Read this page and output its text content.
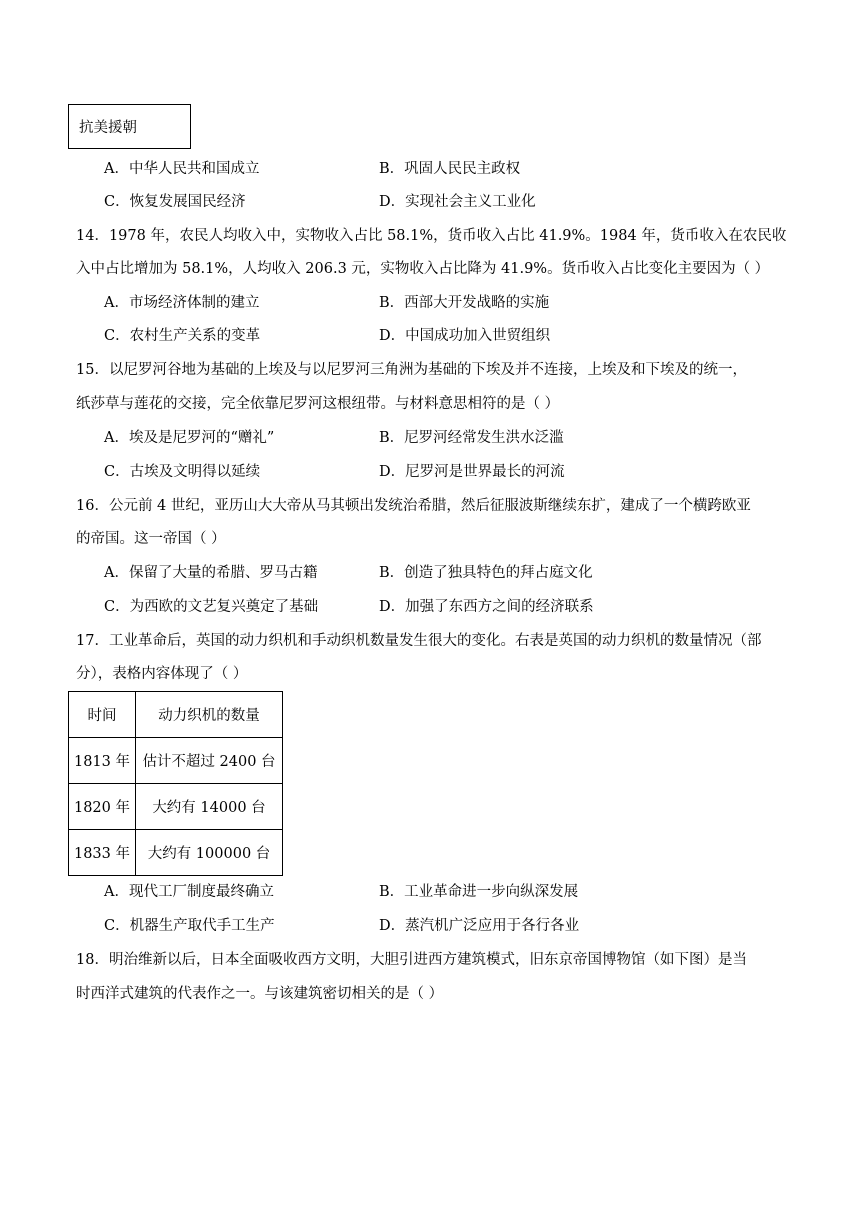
抗美援朝
A．中华人民共和国成立	B．巩固人民民主政权
C．恢复发展国民经济	D．实现社会主义工业化
14．1978 年，农民人均收入中，实物收入占比 58.1%，货币收入占比 41.9%。1984 年，货币收入在农民收
入中占比增加为 58.1%，人均收入 206.3 元，实物收入占比降为 41.9%。货币收入占比变化主要因为（ ）
A．市场经济体制的建立	B．西部大开发战略的实施
C．农村生产关系的变革	D．中国成功加入世贸组织
15．以尼罗河谷地为基础的上埃及与以尼罗河三角洲为基础的下埃及并不连接，上埃及和下埃及的统一，
纸莎草与莲花的交接，完全依靠尼罗河这根纽带。与材料意思相符的是（ ）
A．埃及是尼罗河的“赠礼”	B．尼罗河经常发生洪水泛滥
C．古埃及文明得以延续	D．尼罗河是世界最长的河流
16．公元前 4 世纪，亚历山大大帝从马其顿出发统治希腊，然后征服波斯继续东扩，建成了一个横跨欧亚
的帝国。这一帝国（ ）
A．保留了大量的希腊、罗马古籍	B．创造了独具特色的拜占庭文化
C．为西欧的文艺复兴奠定了基础	D．加强了东西方之间的经济联系
17．工业革命后，英国的动力织机和手动织机数量发生很大的变化。右表是英国的动力织机的数量情况（部
分），表格内容体现了（ ）
时间	动力织机的数量
1813 年	估计不超过 2400 台
1820 年	大约有 14000 台
1833 年	大约有 100000 台
A．现代工厂制度最终确立	B．工业革命进一步向纵深发展
C．机器生产取代手工生产	D．蒸汽机广泛应用于各行各业
18．明治维新以后，日本全面吸收西方文明，大胆引进西方建筑模式，旧东京帝国博物馆（如下图）是当
时西洋式建筑的代表作之一。与该建筑密切相关的是（ ）
